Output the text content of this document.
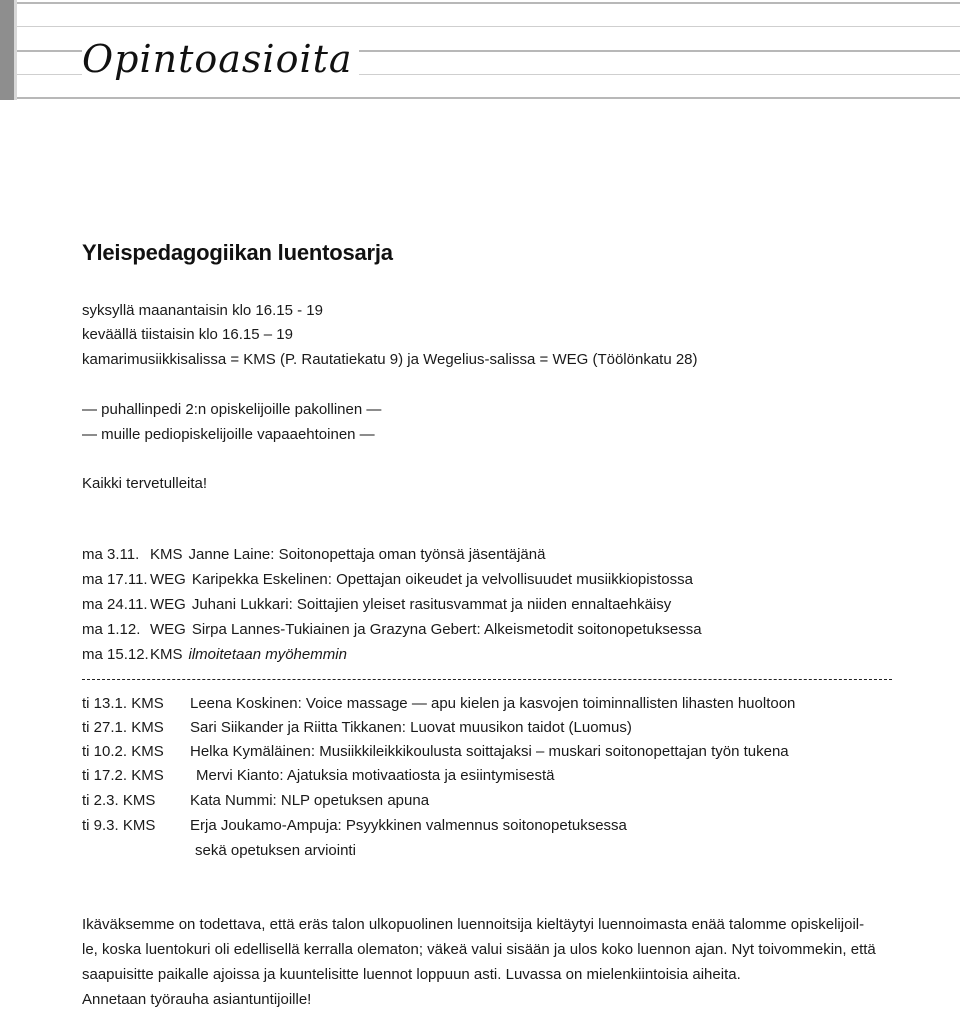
Opintoasioita
Yleispedagogiikan luentosarja
syksyllä maanantaisin klo 16.15 - 19
keväällä tiistaisin klo 16.15 – 19
kamarimusiikkisalissa = KMS (P. Rautatiekatu 9) ja Wegelius-salissa = WEG (Töölönkatu 28)
— puhallinpedi 2:n opiskelijoille pakollinen —
— muille pediopiskelijoille vapaaehtoinen —
Kaikki tervetulleita!
ma 3.11. KMS Janne Laine: Soitonopettaja oman työnsä jäsentäjänä
ma 17.11. WEG Karipekka Eskelinen: Opettajan oikeudet ja velvollisuudet musiikkiopistossa
ma 24.11. WEG Juhani Lukkari: Soittajien yleiset rasitusvammat ja niiden ennaltaehkäisy
ma 1.12. WEG Sirpa Lannes-Tukiainen ja Grazyna Gebert: Alkeismetodit soitonopetuksessa
ma 15.12.KMS ilmoitetaan myöhemmin
ti 13.1. KMS Leena Koskinen: Voice massage — apu kielen ja kasvojen toiminnallisten lihasten huoltoon
ti 27.1. KMS Sari Siikander ja Riitta Tikkanen: Luovat muusikon taidot (Luomus)
ti 10.2. KMS Helka Kymäläinen: Musiikkileikkikoulusta soittajaksi – muskari soitonopettajan työn tukena
ti 17.2. KMS Mervi Kianto: Ajatuksia motivaatiosta ja esiintymisestä
ti 2.3. KMS Kata Nummi: NLP opetuksen apuna
ti 9.3. KMS Erja Joukamo-Ampuja: Psyykkinen valmennus soitonopetuksessa
sekä opetuksen arviointi
Ikäväksemme on todettava, että eräs talon ulkopuolinen luennoitsija kieltäytyi luennoimasta enää talomme opiskelijoil-
le, koska luentokuri oli edellisellä kerralla olematon; väkeä valui sisään ja ulos koko luennon ajan. Nyt toivommekin, että
saapuisitte paikalle ajoissa ja kuuntelisitte luennot loppuun asti. Luvassa on mielenkiintoisia aiheita.
Annetaan työrauha asiantuntijoille!
